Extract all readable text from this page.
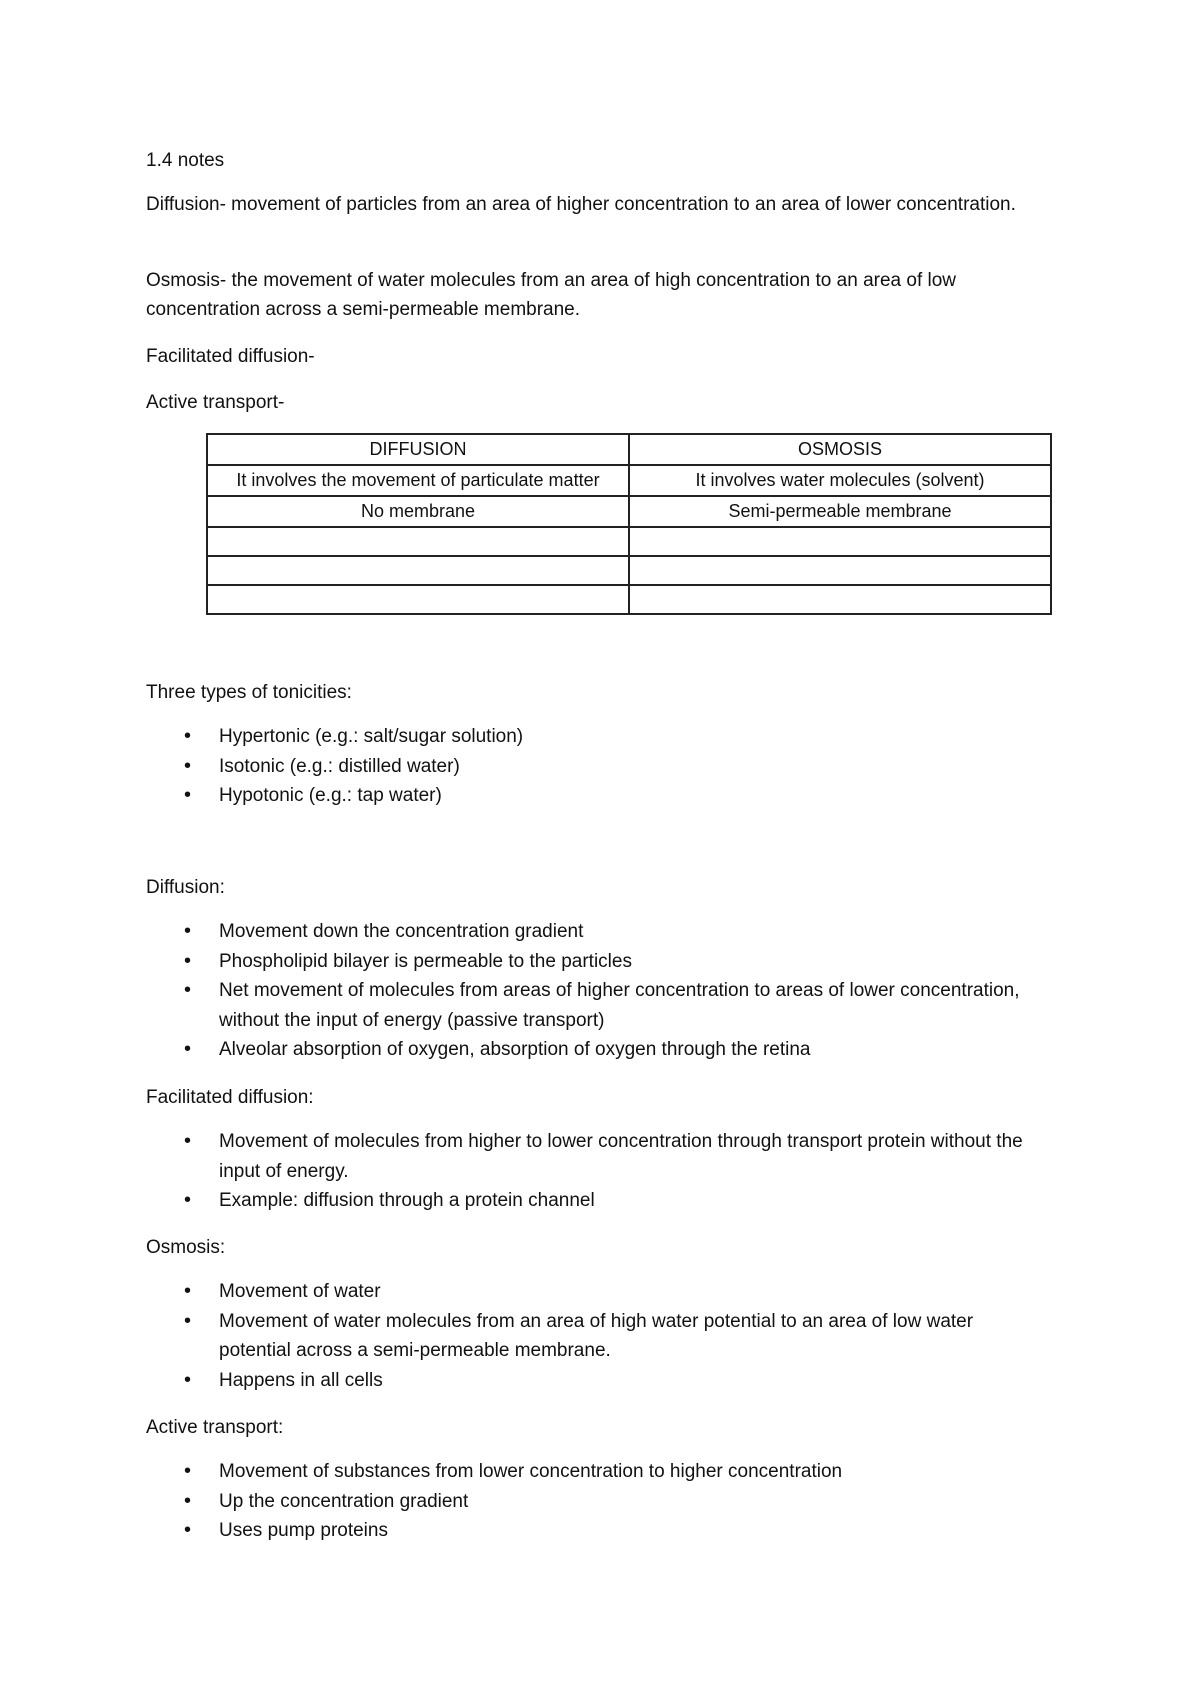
1.4 notes

Diffusion- movement of particles from an area of higher concentration to an area of lower concentration.

Osmosis- the movement of water molecules from an area of high concentration to an area of low concentration across a semi-permeable membrane.

Facilitated diffusion-

Active transport-

DIFFUSION	OSMOSIS
It involves the movement of particulate matter	It involves water molecules (solvent)
No membrane	Semi-permeable membrane

Three types of tonicities:

• Hypertonic (e.g.: salt/sugar solution)
• Isotonic (e.g.: distilled water)
• Hypotonic (e.g.: tap water)

Diffusion:

• Movement down the concentration gradient
• Phospholipid bilayer is permeable to the particles
• Net movement of molecules from areas of higher concentration to areas of lower concentration, without the input of energy (passive transport)
• Alveolar absorption of oxygen, absorption of oxygen through the retina

Facilitated diffusion:

• Movement of molecules from higher to lower concentration through transport protein without the input of energy.
• Example: diffusion through a protein channel

Osmosis:

• Movement of water
• Movement of water molecules from an area of high water potential to an area of low water potential across a semi-permeable membrane.
• Happens in all cells

Active transport:

• Movement of substances from lower concentration to higher concentration
• Up the concentration gradient
• Uses pump proteins
